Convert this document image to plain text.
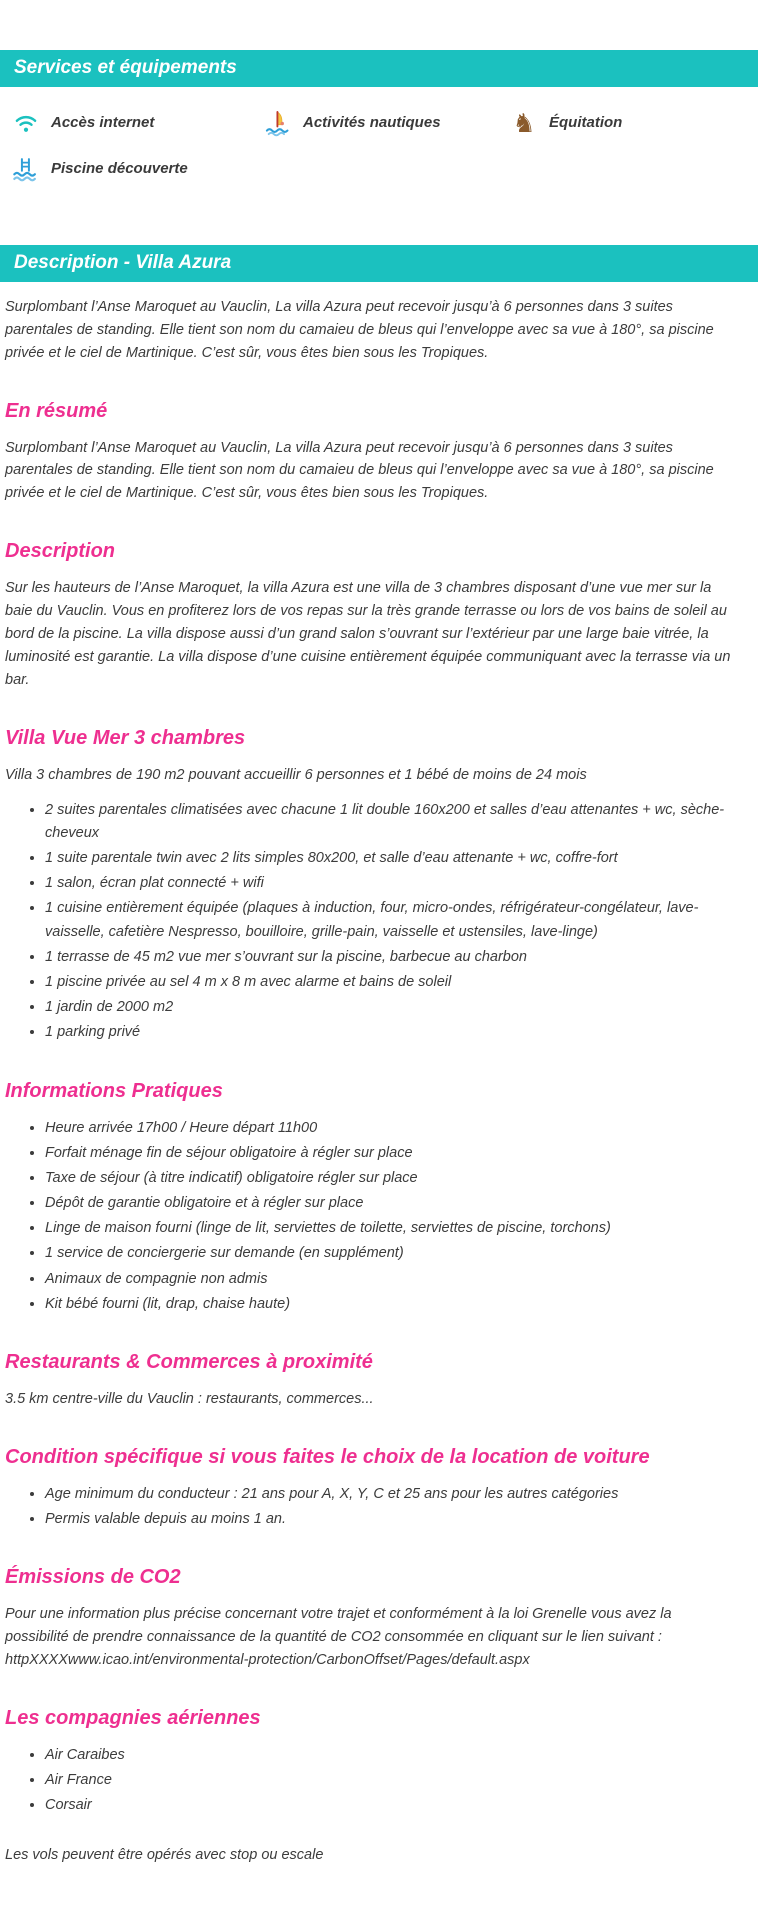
Services et équipements
Accès internet	Activités nautiques	♞ Équitation
Piscine découverte
Description - Villa Azura

Surplombant l’Anse Maroquet au Vauclin, La villa Azura peut recevoir jusqu’à 6 personnes dans 3 suites parentales de standing. Elle tient son nom du camaieu de bleus qui l’enveloppe avec sa vue à 180°, sa piscine privée et le ciel de Martinique. C’est sûr, vous êtes bien sous les Tropiques.

En résumé

Surplombant l’Anse Maroquet au Vauclin, La villa Azura peut recevoir jusqu’à 6 personnes dans 3 suites parentales de standing. Elle tient son nom du camaieu de bleus qui l’enveloppe avec sa vue à 180°, sa piscine privée et le ciel de Martinique. C’est sûr, vous êtes bien sous les Tropiques.

Description

Sur les hauteurs de l’Anse Maroquet, la villa Azura est une villa de 3 chambres disposant d’une vue mer sur la baie du Vauclin. Vous en profiterez lors de vos repas sur la très grande terrasse ou lors de vos bains de soleil au bord de la piscine. La villa dispose aussi d’un grand salon s’ouvrant sur l’extérieur par une large baie vitrée, la luminosité est garantie. La villa dispose d’une cuisine entièrement équipée communiquant avec la terrasse via un bar.

Villa Vue Mer 3 chambres

Villa 3 chambres de 190 m2 pouvant accueillir 6 personnes et 1 bébé de moins de 24 mois

• 2 suites parentales climatisées avec chacune 1 lit double 160x200 et salles d’eau attenantes + wc, sèche-cheveux
• 1 suite parentale twin avec 2 lits simples 80x200, et salle d’eau attenante + wc, coffre-fort
• 1 salon, écran plat connecté + wifi
• 1 cuisine entièrement équipée (plaques à induction, four, micro-ondes, réfrigérateur-congélateur, lave-vaisselle, cafetière Nespresso, bouilloire, grille-pain, vaisselle et ustensiles, lave-linge)
• 1 terrasse de 45 m2 vue mer s’ouvrant sur la piscine, barbecue au charbon
• 1 piscine privée au sel 4 m x 8 m avec alarme et bains de soleil
• 1 jardin de 2000 m2
• 1 parking privé
Informations Pratiques
• Heure arrivée 17h00 / Heure départ 11h00
• Forfait ménage fin de séjour obligatoire à régler sur place
• Taxe de séjour (à titre indicatif) obligatoire régler sur place
• Dépôt de garantie obligatoire et à régler sur place
• Linge de maison fourni (linge de lit, serviettes de toilette, serviettes de piscine, torchons)
• 1 service de conciergerie sur demande (en supplément)
• Animaux de compagnie non admis
• Kit bébé fourni (lit, drap, chaise haute)
Restaurants & Commerces à proximité

3.5 km centre-ville du Vauclin : restaurants, commerces...

Condition spécifique si vous faites le choix de la location de voiture
• Age minimum du conducteur : 21 ans pour A, X, Y, C et 25 ans pour les autres catégories
• Permis valable depuis au moins 1 an.
Émissions de CO2

Pour une information plus précise concernant votre trajet et conformément à la loi Grenelle vous avez la possibilité de prendre connaissance de la quantité de CO2 consommée en cliquant sur le lien suivant : httpXXXXwww.icao.int/environmental-protection/CarbonOffset/Pages/default.aspx

Les compagnies aériennes
• Air Caraibes
• Air France
• Corsair

Les vols peuvent être opérés avec stop ou escale
